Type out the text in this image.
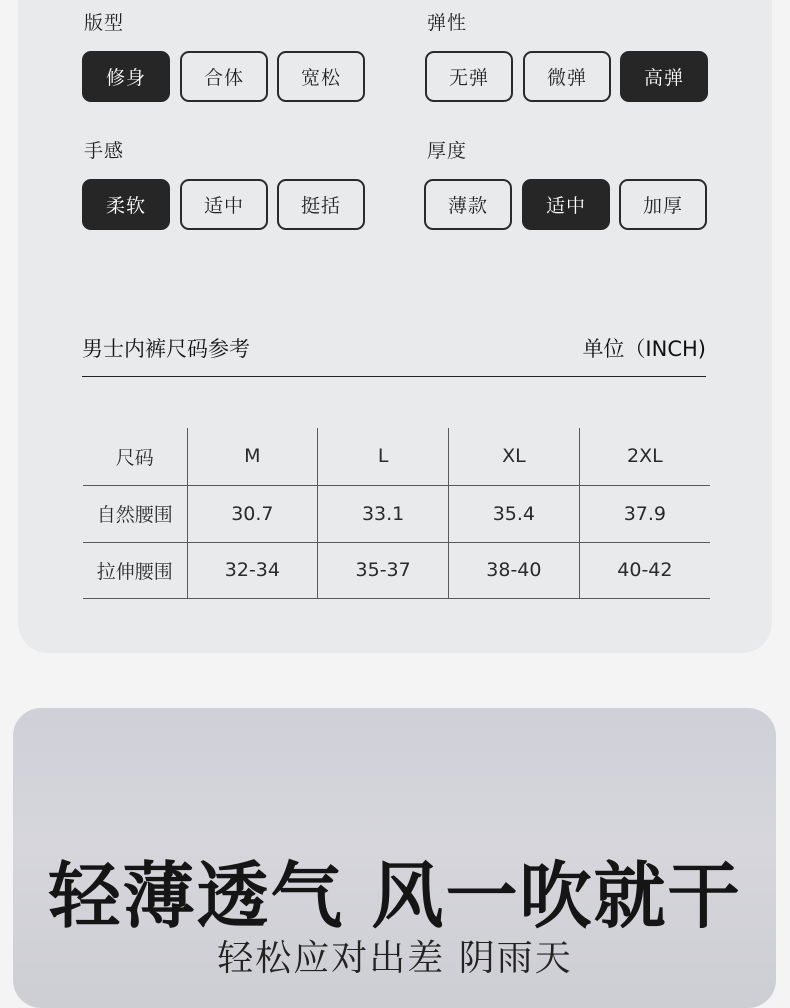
版型
修身	合体	宽松
弹性
无弹	微弹	高弹
手感
柔软	适中	挺括
厚度
薄款	适中	加厚
男士内裤尺码参考	单位（INCH)
尺码	M	L	XL	2XL
自然腰围	30.7	33.1	35.4	37.9
拉伸腰围	32-34	35-37	38-40	40-42
轻薄透气 风一吹就干
轻松应对出差 阴雨天
